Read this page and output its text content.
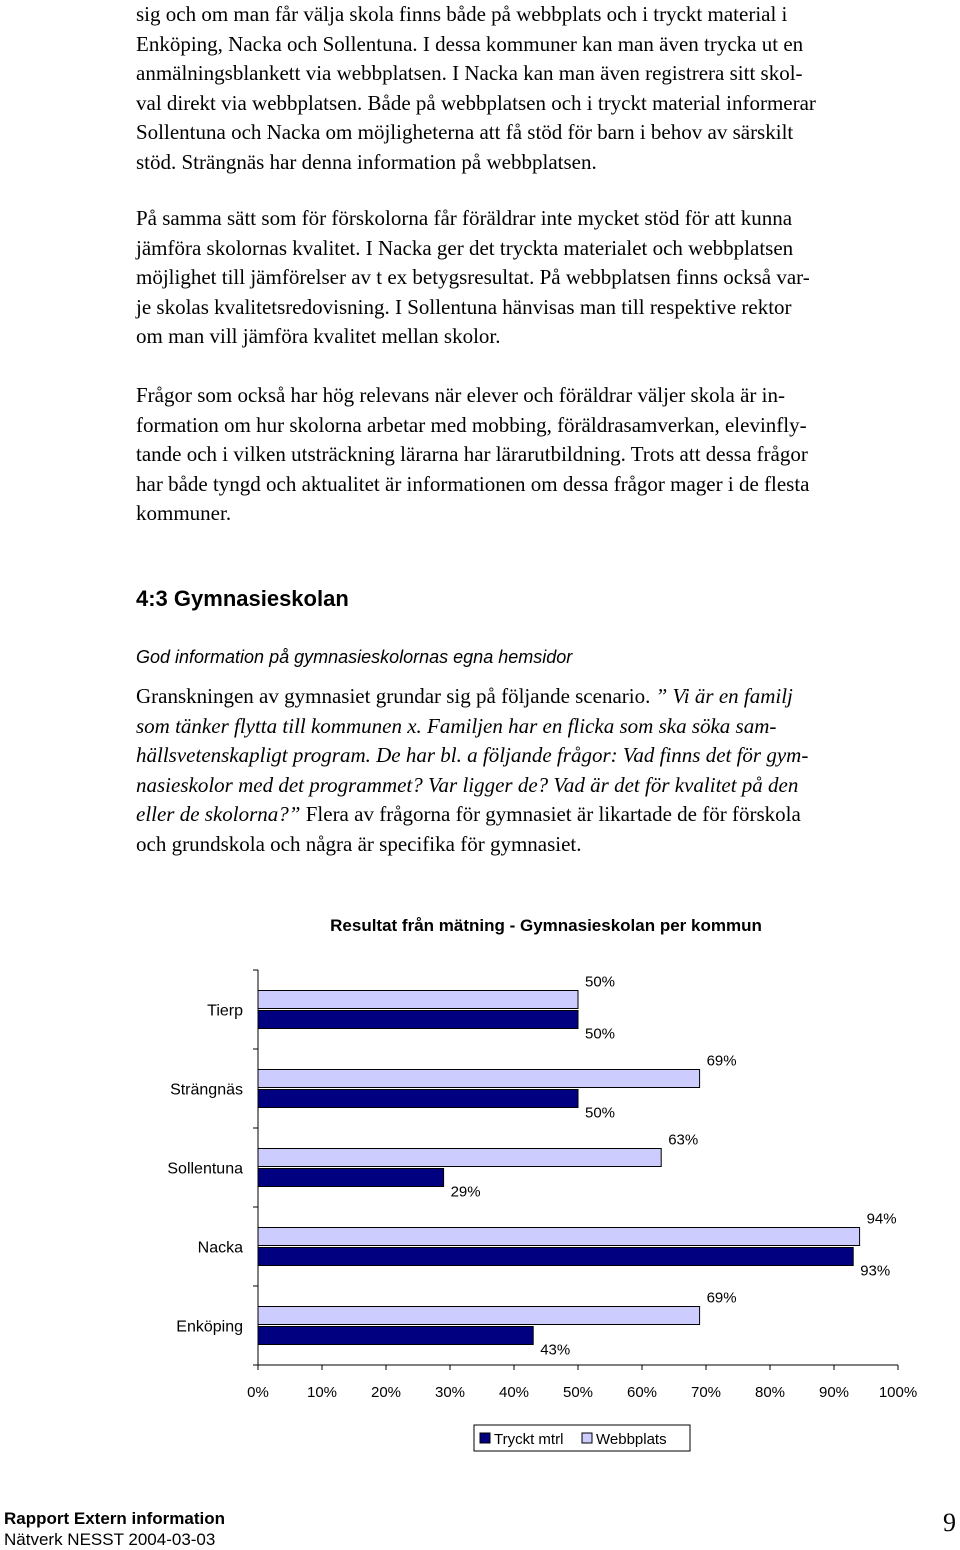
sig och om man får välja skola finns både på webbplats och i tryckt material i
Enköping, Nacka och Sollentuna. I dessa kommuner kan man även trycka ut en
anmälningsblankett via webbplatsen. I Nacka kan man även registrera sitt skol-
val direkt via webbplatsen. Både på webbplatsen och i tryckt material informerar
Sollentuna och Nacka om möjligheterna att få stöd för barn i behov av särskilt
stöd. Strängnäs har denna information på webbplatsen.
På samma sätt som för förskolorna får föräldrar inte mycket stöd för att kunna
jämföra skolornas kvalitet. I Nacka ger det tryckta materialet och webbplatsen
möjlighet till jämförelser av t ex betygsresultat. På webbplatsen finns också var-
je skolas kvalitetsredovisning. I Sollentuna hänvisas man till respektive rektor
om man vill jämföra kvalitet mellan skolor.
Frågor som också har hög relevans när elever och föräldrar väljer skola är in-
formation om hur skolorna arbetar med mobbing, föräldrasamverkan, elevinfly-
tande och i vilken utsträckning lärarna har lärarutbildning. Trots att dessa frågor
har både tyngd och aktualitet är informationen om dessa frågor mager i de flesta
kommuner.
4:3 Gymnasieskolan
God information på gymnasieskolornas egna hemsidor
Granskningen av gymnasiet grundar sig på följande scenario. ” Vi är en familj
som tänker flytta till kommunen x. Familjen har en flicka som ska söka sam-
hällsvetenskapligt program. De har bl. a följande frågor: Vad finns det för gym-
nasieskolor med det programmet? Var ligger de? Vad är det för kvalitet på den
eller de skolorna?” Flera av frågorna för gymnasiet är likartade de för förskola
och grundskola och några är specifika för gymnasiet.
Resultat från mätning - Gymnasieskolan per kommun
0%	10% 20% 30% 40% 50% 60% 70% 80% 90% 100%
Tierp
50%
50%
Strängnäs
69%
50%
Sollentuna
63%
29%
Nacka
94%
93%
Enköping
69%
43%
Tryckt mtrl Webbplats
Rapport Extern information
Nätverk NESST 2004-03-03
9
